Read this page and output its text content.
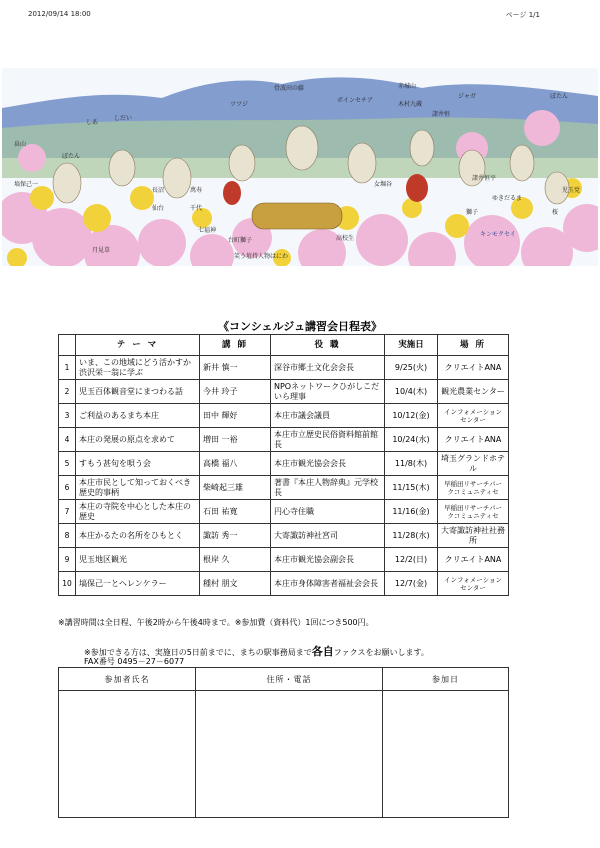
2012/09/14 18:00	ページ 1/1
ツツジ
骨波田の藤
ボインセチア
赤城山
ジャガ	ぼたん
しあ
しだい
畠山
ぼたん
木村九蔵
諸井恒
塙保己一
長沼
仙台
萬寿
千代
七福神
台町獅子	高校生
笑う埴持人物はにわ
キンモクセイ
月見草
女堀谷
獅子	桜
児玉党
ゆきだるま
諸井恒平
《コンシェルジュ講習会日程表》
	テ ー マ	講 師	役 職	実施日	場 所
1	いま、この地域にどう活かすか渋沢栄一翁に学ぶ	新井 慎一	深谷市郷土文化会会長	9/25(火)	クリエイトANA
2	児玉百体観音堂にまつわる話	今井 玲子	NPOネットワークひがしこだいら理事	10/4(木)	観光農業センター
3	ご利益のあるまち本庄	田中 輝好	本庄市議会議員	10/12(金)	インフォメーションセンター
4	本庄の発展の原点を求めて	増田 一裕	本庄市立歴史民俗資料館前館長	10/24(水)	クリエイトANA
5	すもう甚句を唄う会	高橋 福八	本庄市観光協会会長	11/8(木)	埼玉グランドホテル
6	本庄市民として知っておくべき歴史的事柄	柴崎起三雄	著書『本庄人物辞典』元学校長	11/15(木)	早稲田リサーチパークコミュニティセ
7	本庄の寺院を中心とした本庄の歴史	石田 祐寛	円心寺住職	11/16(金)	早稲田リサーチパークコミュニティセ
8	本庄かるたの名所をひもとく	諏訪 秀一	大寄諏訪神社宮司	11/28(水)	大寄諏訪神社社務所
9	児玉地区観光	根岸 久	本庄市観光協会副会長	12/2(日)	クリエイトANA
10	塙保己一とヘレンケラー	種村 朋文	本庄市身体障害者福祉会会長	12/7(金)	インフォメーションセンター
※講習時間は全日程、午後2時から午後4時まで。※参加費（資料代）1回につき500円。
※参加できる方は、実施日の5日前までに、まちの駅事務局まで各自ファクスをお願いします。
FAX番号 0495－27－6077
参加者氏名	住所・電話	参加日
